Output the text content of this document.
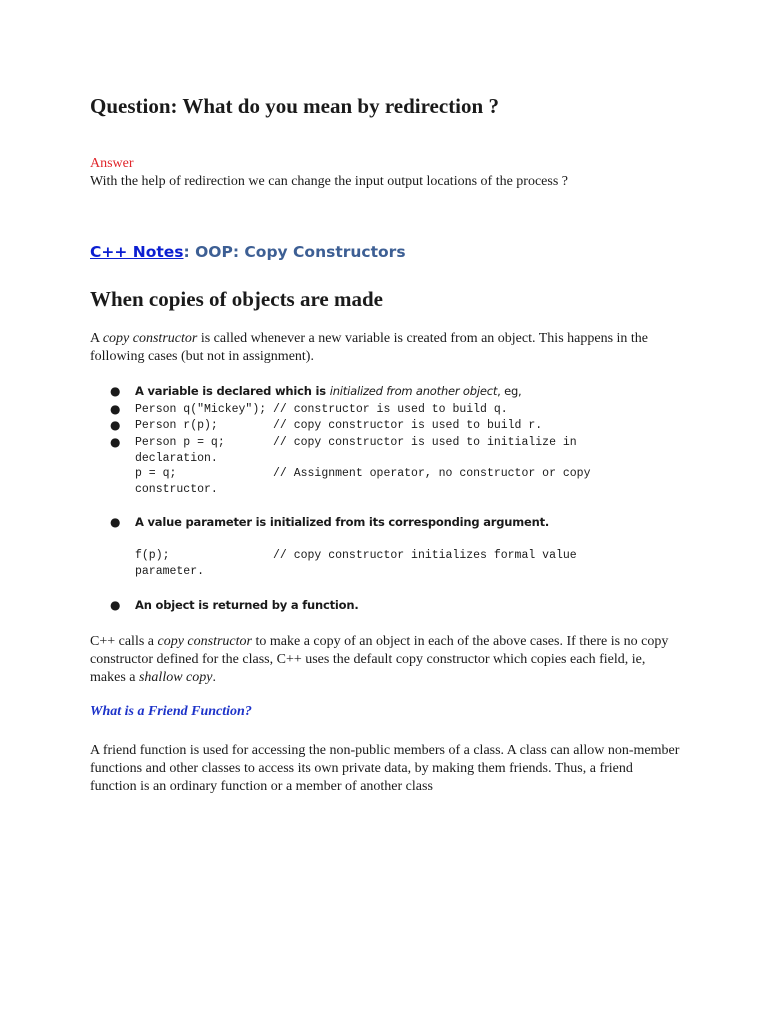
Question: What do you mean by redirection ?
Answer
With the help of redirection we can change the input output locations of the process ?
C++ Notes: OOP: Copy Constructors
When copies of objects are made

A copy constructor is called whenever a new variable is created from an object. This happens in the following cases (but not in assignment).

● A variable is declared which is initialized from another object, eg,
● Person q("Mickey"); // constructor is used to build q.
● Person r(p);        // copy constructor is used to build r.
● Person p = q;       // copy constructor is used to initialize in
declaration.
p = q;              // Assignment operator, no constructor or copy
constructor.
● A value parameter is initialized from its corresponding argument.
f(p);               // copy constructor initializes formal value
parameter.
● An object is returned by a function.

C++ calls a copy constructor to make a copy of an object in each of the above cases. If there is no copy constructor defined for the class, C++ uses the default copy constructor which copies each field, ie, makes a shallow copy.

What is a Friend Function?

A friend function is used for accessing the non-public members of a class. A class can allow non-member functions and other classes to access its own private data, by making them friends. Thus, a friend function is an ordinary function or a member of another class
